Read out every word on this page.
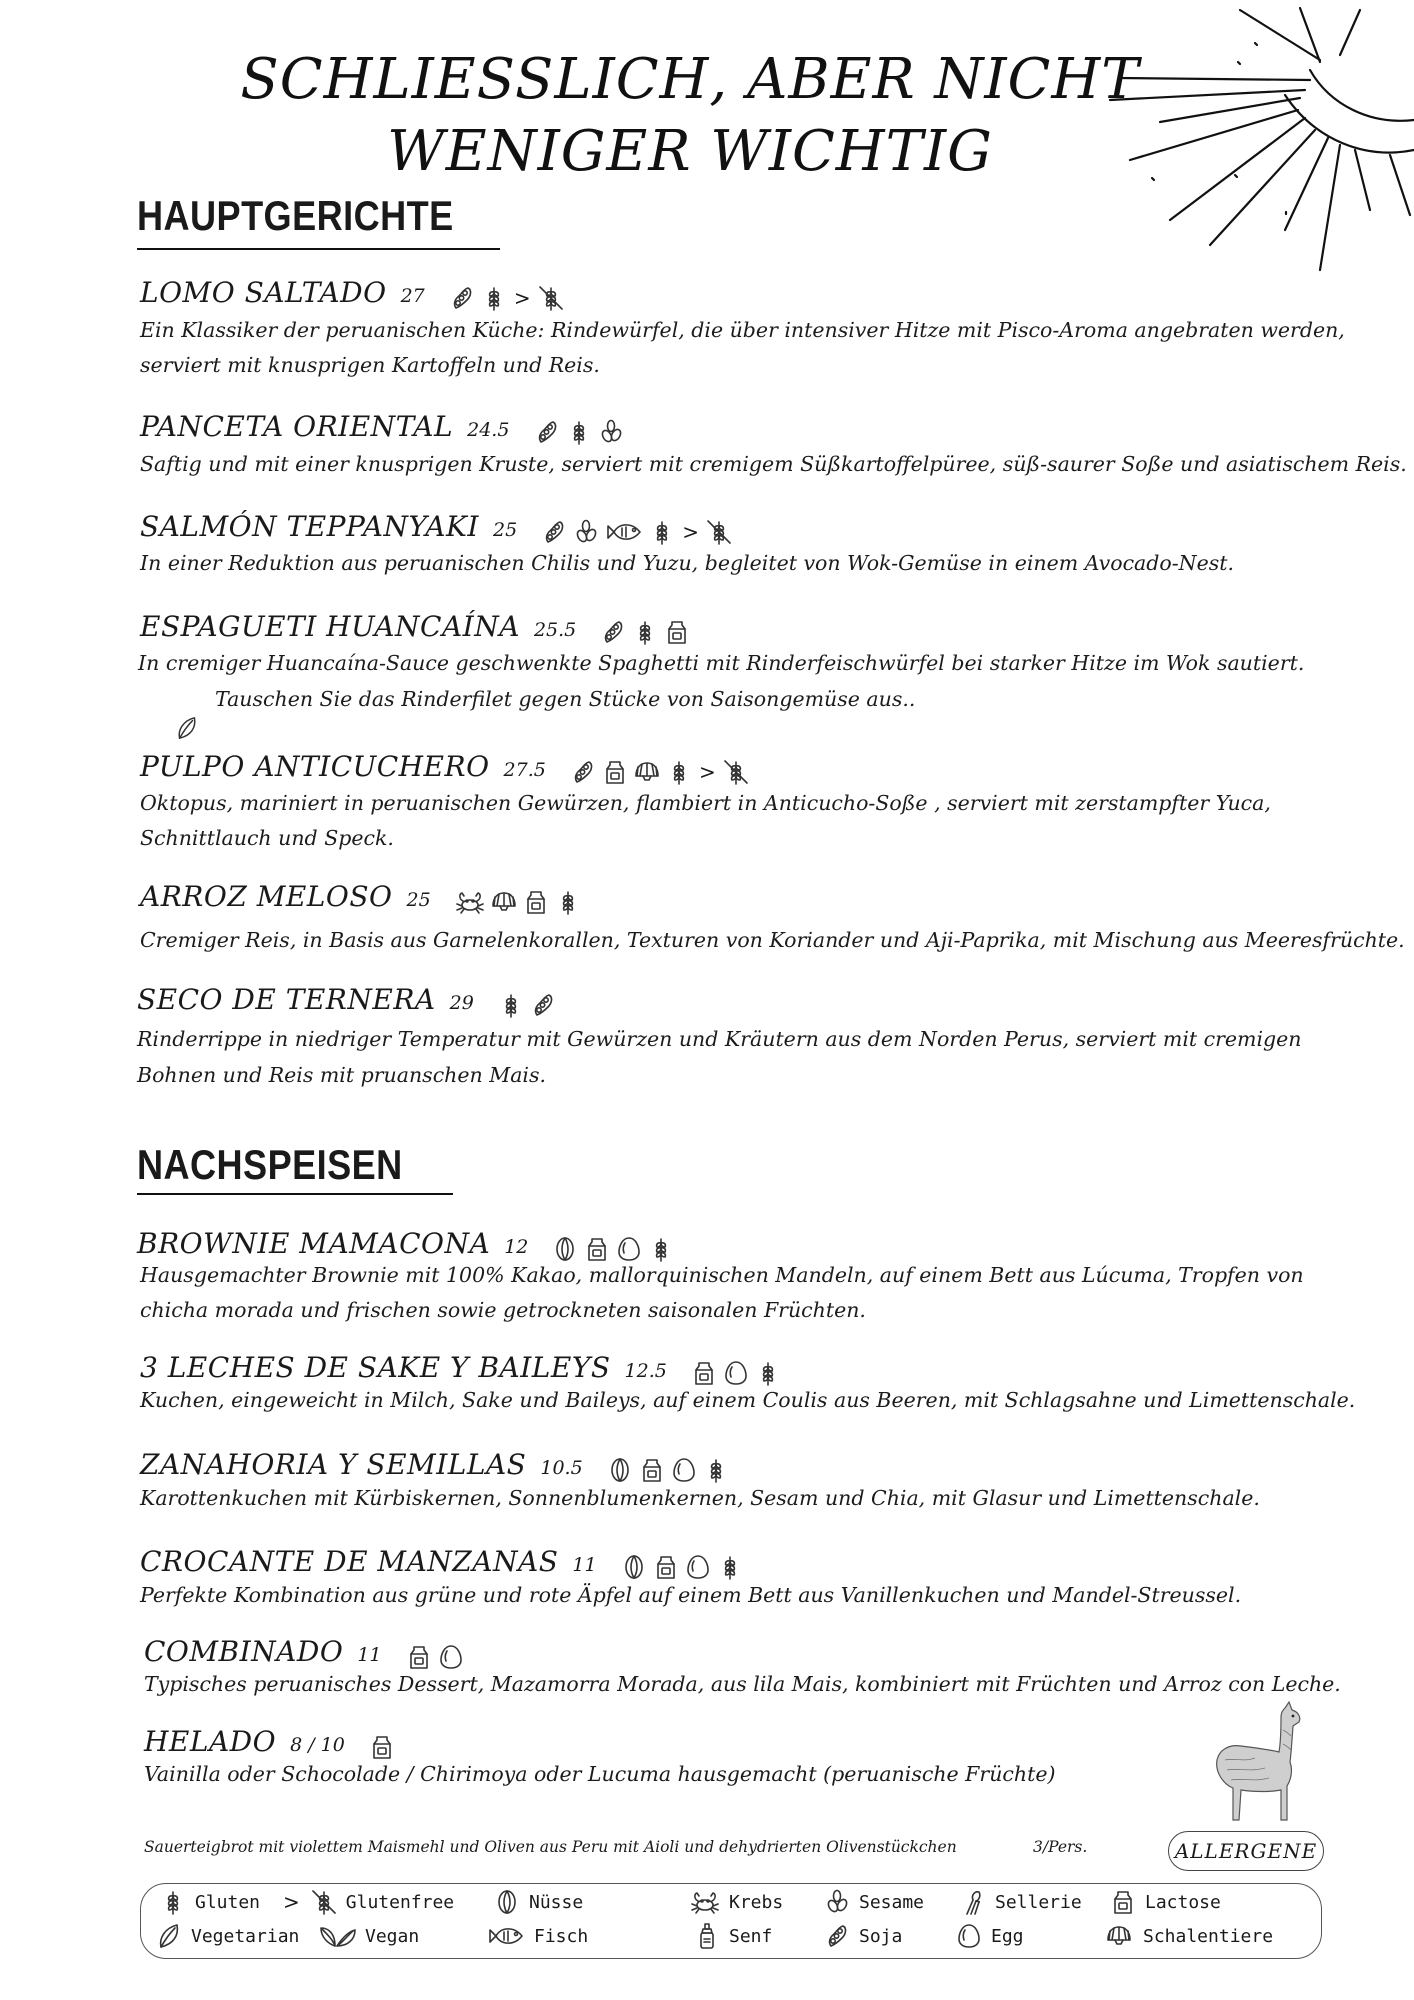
SCHLIESSLICH, ABER NICHT
WENIGER WICHTIG
HAUPTGERICHTE
LOMO SALTADO 27	>
Ein Klassiker der peruanischen Küche: Rindewürfel, die über intensiver Hitze mit Pisco-Aroma angebraten werden,
serviert mit knusprigen Kartoffeln und Reis.
PANCETA ORIENTAL 24.5
Saftig und mit einer knusprigen Kruste, serviert mit cremigem Süßkartoffelpüree, süß-saurer Soße und asiatischem Reis.
SALMÓN TEPPANYAKI 25	>
In einer Reduktion aus peruanischen Chilis und Yuzu, begleitet von Wok-Gemüse in einem Avocado-Nest.
ESPAGUETI HUANCAÍNA 25.5
In cremiger Huancaína-Sauce geschwenkte Spaghetti mit Rinderfeischwürfel bei starker Hitze im Wok sautiert.
Tauschen Sie das Rinderfilet gegen Stücke von Saisongemüse aus..
PULPO ANTICUCHERO 27.5	>
Oktopus, mariniert in peruanischen Gewürzen, flambiert in Anticucho-Soße , serviert mit zerstampfter Yuca,
Schnittlauch und Speck.
ARROZ MELOSO 25
Cremiger Reis, in Basis aus Garnelenkorallen, Texturen von Koriander und Aji-Paprika, mit Mischung aus Meeresfrüchte.
SECO DE TERNERA 29
Rinderrippe in niedriger Temperatur mit Gewürzen und Kräutern aus dem Norden Perus, serviert mit cremigen
Bohnen und Reis mit pruanschen Mais.
NACHSPEISEN
BROWNIE MAMACONA 12
Hausgemachter Brownie mit 100% Kakao, mallorquinischen Mandeln, auf einem Bett aus Lúcuma, Tropfen von
chicha morada und frischen sowie getrockneten saisonalen Früchten.
3 LECHES DE SAKE Y BAILEYS 12.5
Kuchen, eingeweicht in Milch, Sake und Baileys, auf einem Coulis aus Beeren, mit Schlagsahne und Limettenschale.
ZANAHORIA Y SEMILLAS 10.5
Karottenkuchen mit Kürbiskernen, Sonnenblumenkernen, Sesam und Chia, mit Glasur und Limettenschale.
CROCANTE DE MANZANAS 11
Perfekte Kombination aus grüne und rote Äpfel auf einem Bett aus Vanillenkuchen und Mandel-Streussel.
COMBINADO 11
Typisches peruanisches Dessert, Mazamorra Morada, aus lila Mais, kombiniert mit Früchten und Arroz con Leche.
HELADO 8 / 10
Vainilla oder Schocolade / Chirimoya oder Lucuma hausgemacht (peruanische Früchte)
Sauerteigbrot mit violettem Maismehl und Oliven aus Peru mit Aioli und dehydrierten Olivenstückchen	3/Pers.	ALLERGENE
Gluten >	Glutenfree	Nüsse	Krebs	Sesame	Sellerie	Lactose
Vegetarian	Vegan	Fisch	Senf	Soja	Egg	Schalentiere
